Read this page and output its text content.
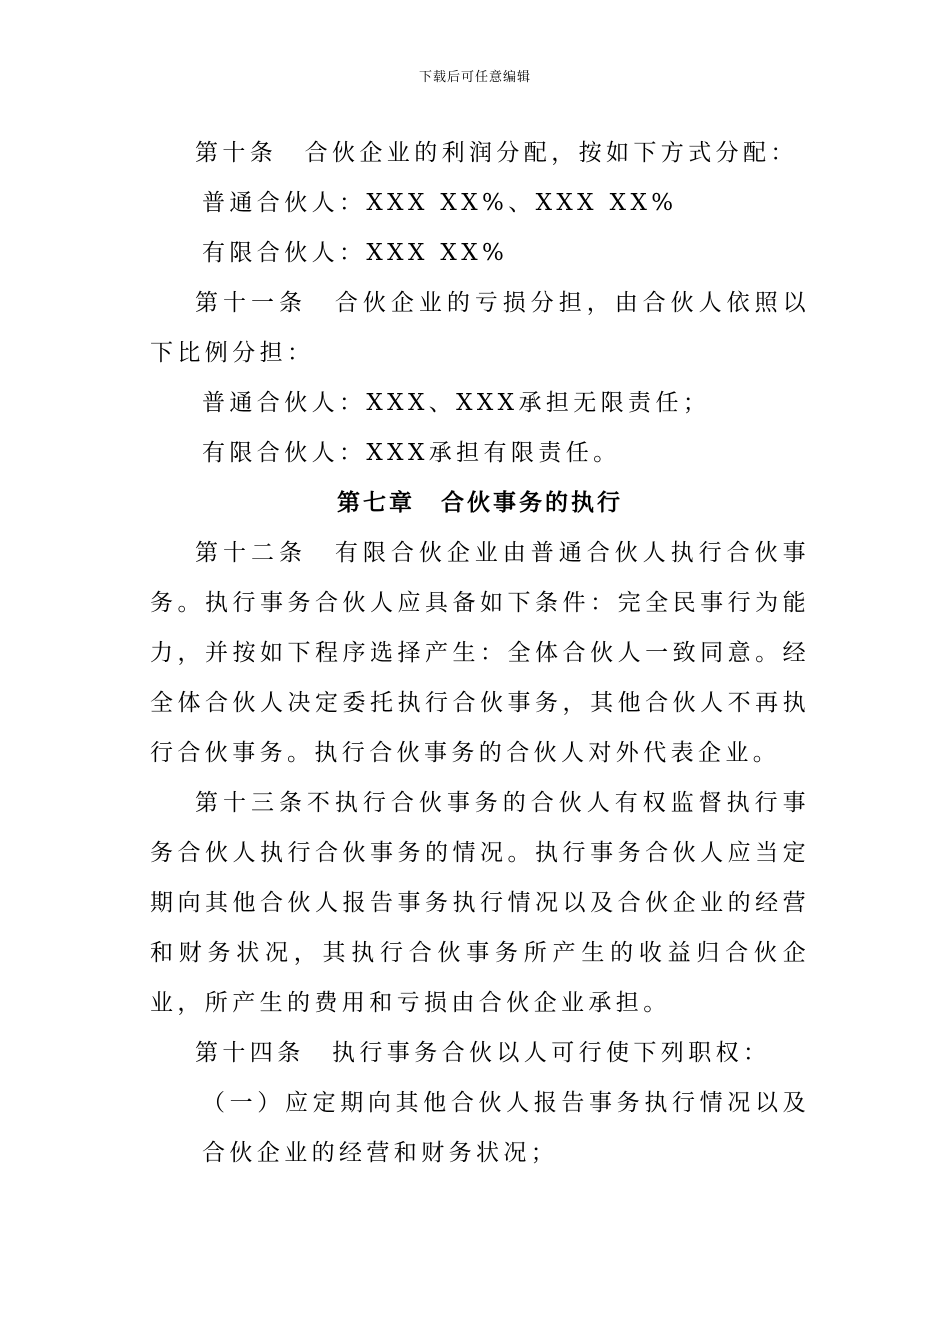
下载后可任意编辑

第十条　合伙企业的利润分配，按如下方式分配：

普通合伙人：XXX XX%、XXX XX%

有限合伙人：XXX XX%

第十一条　合伙企业的亏损分担，由合伙人依照以下比例分担：

普通合伙人：XXX、XXX承担无限责任；

有限合伙人：XXX承担有限责任。

第七章　合伙事务的执行

第十二条　有限合伙企业由普通合伙人执行合伙事务。执行事务合伙人应具备如下条件：完全民事行为能力，并按如下程序选择产生：全体合伙人一致同意。经全体合伙人决定委托执行合伙事务，其他合伙人不再执行合伙事务。执行合伙事务的合伙人对外代表企业。

第十三条不执行合伙事务的合伙人有权监督执行事务合伙人执行合伙事务的情况。执行事务合伙人应当定期向其他合伙人报告事务执行情况以及合伙企业的经营和财务状况，其执行合伙事务所产生的收益归合伙企业，所产生的费用和亏损由合伙企业承担。

第十四条　执行事务合伙以人可行使下列职权：

（一）应定期向其他合伙人报告事务执行情况以及合伙企业的经营和财务状况；
